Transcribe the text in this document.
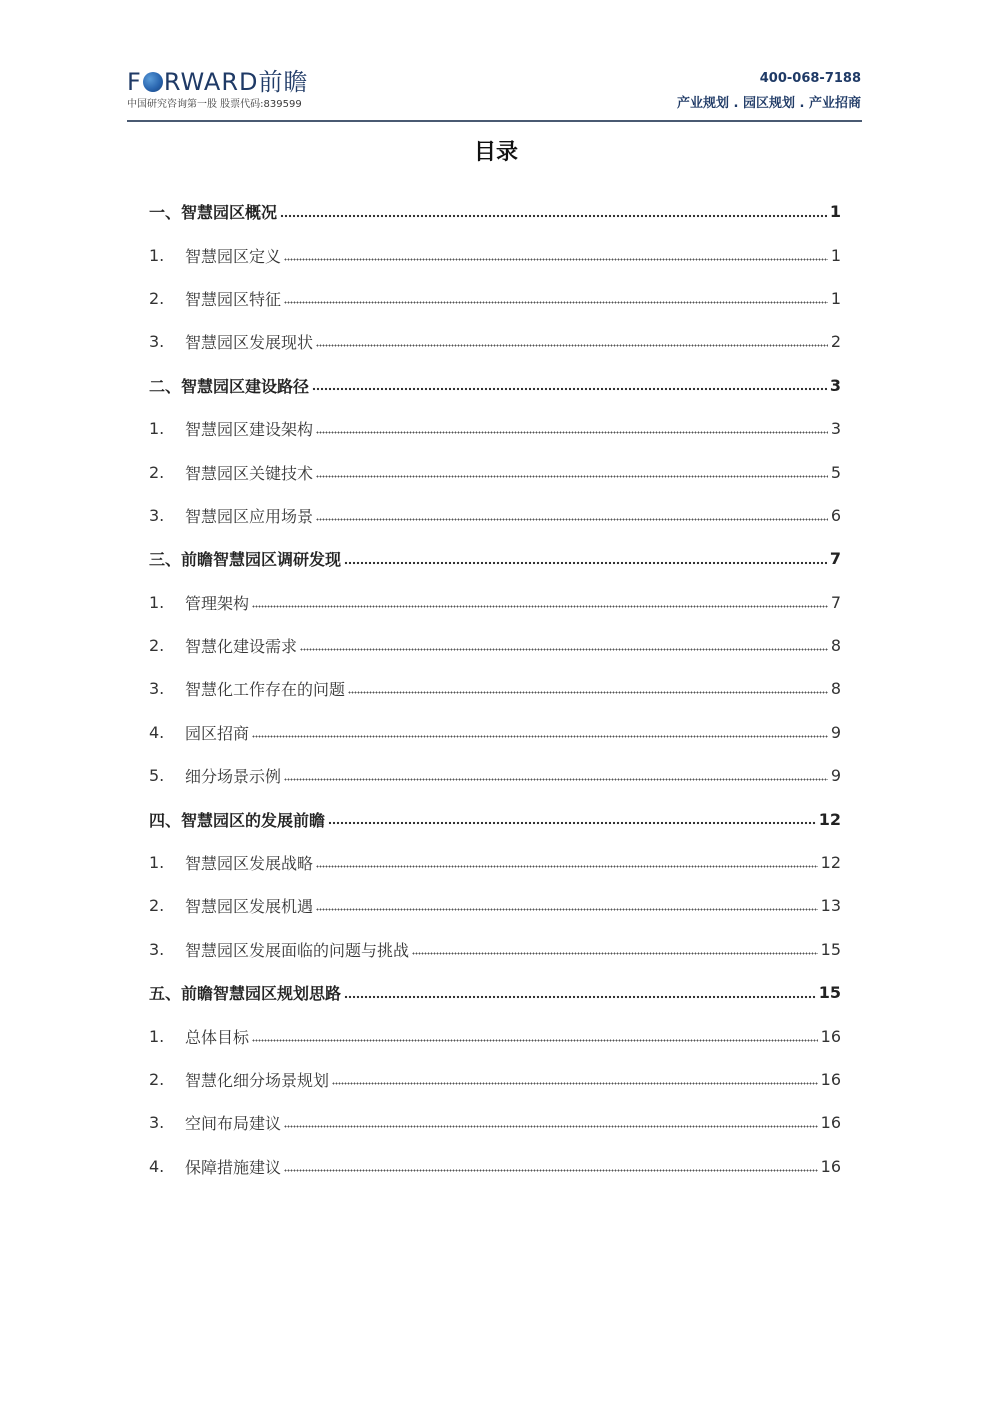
F RWARD前瞻
中国研究咨询第一股 股票代码:839599
400-068-7188
产业规划 . 园区规划 . 产业招商
目录
一、 智慧园区概况	1
1.	智慧园区定义	1
2.	智慧园区特征	1
3.	智慧园区发展现状	2
二、 智慧园区建设路径	3
1.	智慧园区建设架构	3
2.	智慧园区关键技术	5
3.	智慧园区应用场景	6
三、 前瞻智慧园区调研发现	7
1.	管理架构	7
2.	智慧化建设需求	8
3.	智慧化工作存在的问题	8
4.	园区招商	9
5.	细分场景示例	9
四、 智慧园区的发展前瞻	12
1.	智慧园区发展战略	12
2.	智慧园区发展机遇	13
3.	智慧园区发展面临的问题与挑战	15
五、 前瞻智慧园区规划思路	15
1.	总体目标	16
2.	智慧化细分场景规划	16
3.	空间布局建议	16
4.	保障措施建议	16
